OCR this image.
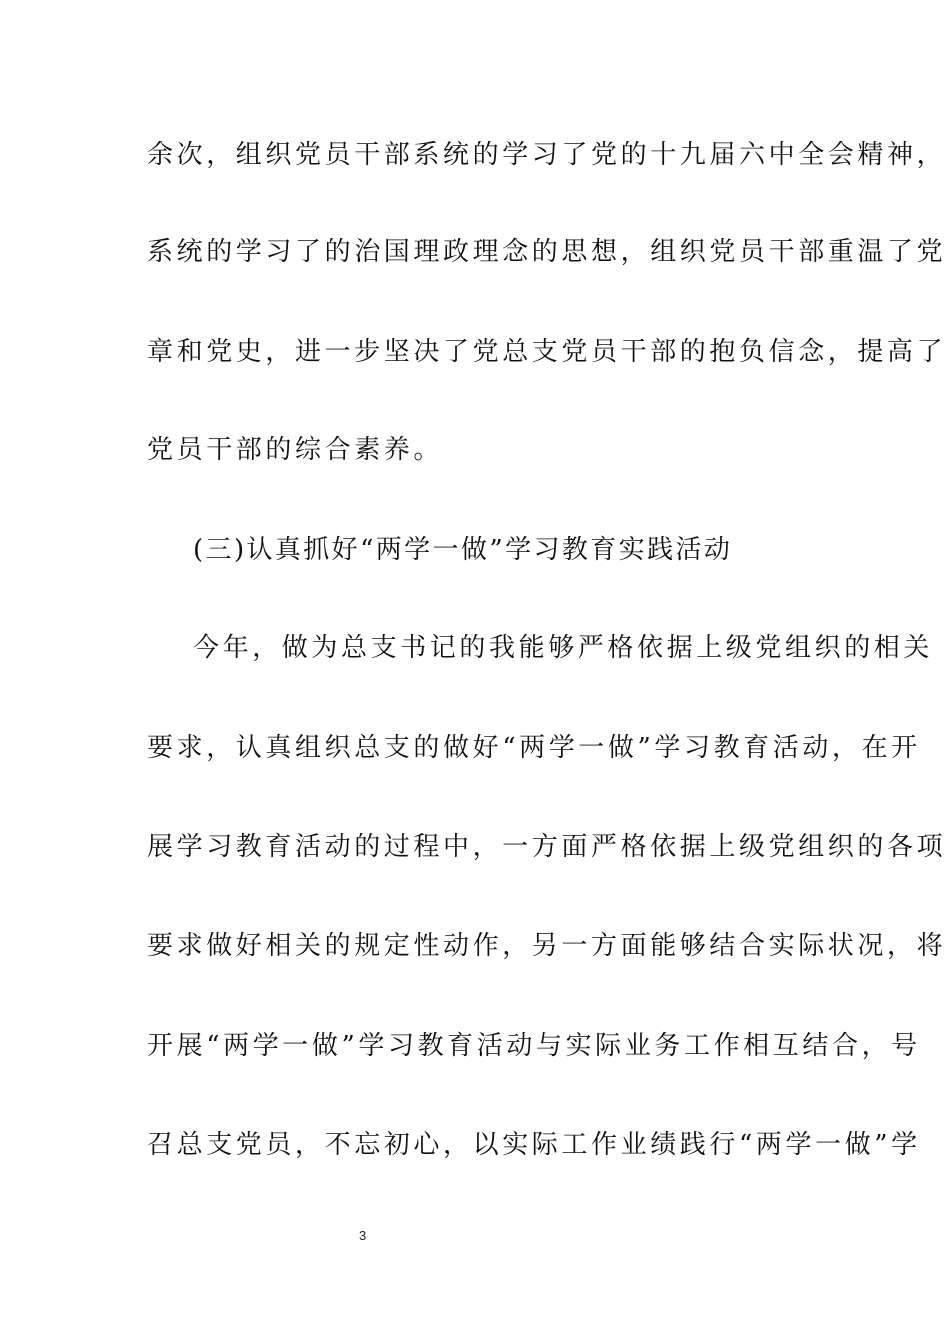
余次，组织党员干部系统的学习了党的十九届六中全会精神，
系统的学习了的治国理政理念的思想，组织党员干部重温了党
章和党史，进一步坚决了党总支党员干部的抱负信念，提高了
党员干部的综合素养。
(三)认真抓好“两学一做”学习教育实践活动
今年，做为总支书记的我能够严格依据上级党组织的相关
要求，认真组织总支的做好“两学一做”学习教育活动，在开
展学习教育活动的过程中，一方面严格依据上级党组织的各项
要求做好相关的规定性动作，另一方面能够结合实际状况，将
开展“两学一做”学习教育活动与实际业务工作相互结合，号
召总支党员，不忘初心，以实际工作业绩践行“两学一做”学
3
